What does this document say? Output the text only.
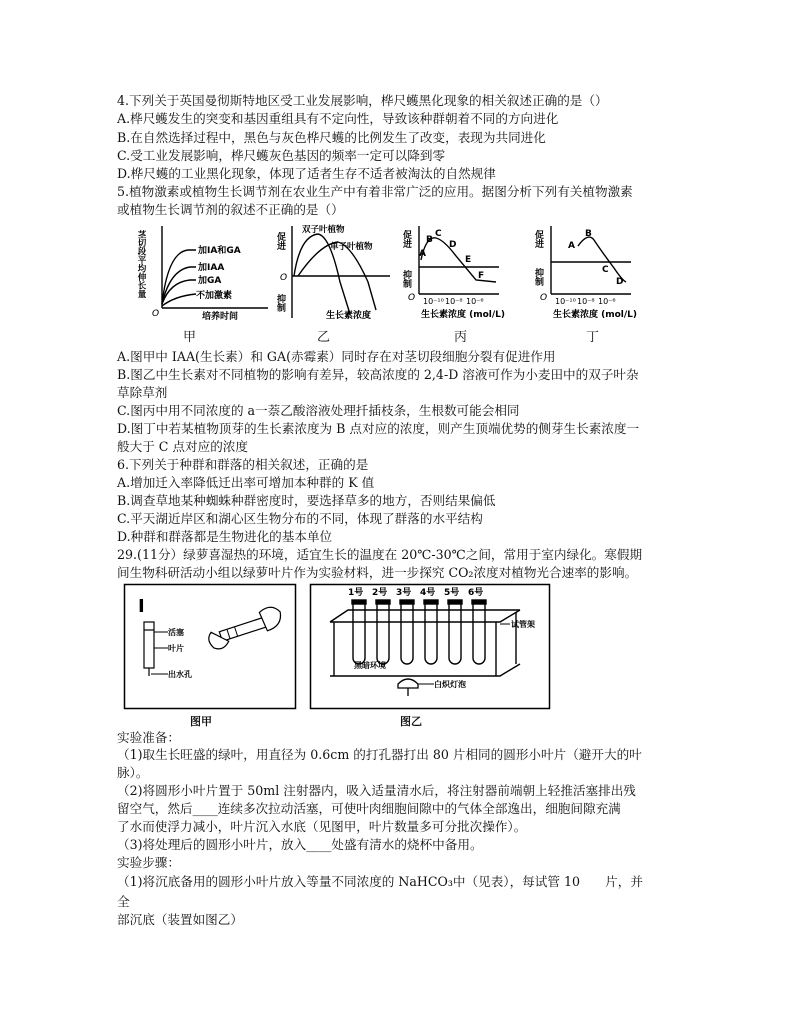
4.下列关于英国曼彻斯特地区受工业发展影响，桦尺蠖黑化现象的相关叙述正确的是（）
A.桦尺蠖发生的突变和基因重组具有不定向性，导致该种群朝着不同的方向进化
B.在自然选择过程中，黑色与灰色桦尺蠖的比例发生了改变，表现为共同进化
C.受工业发展影响，桦尺蠖灰色基因的频率一定可以降到零
D.桦尺蠖的工业黑化现象，体现了适者生存不适者被淘汰的自然规律
5.植物激素或植物生长调节剂在农业生产中有着非常广泛的应用。据图分析下列有关植物激素
或植物生长调节剂的叙述不正确的是（）
茎切段平均伸长量
O	培养时间
加IA和GA
加IAA
加GA
不加激素
促进
抑制
O
双子叶植物
单子叶植物
生长素浓度
促进
抑制
O
A
B
C
D
E
F
10⁻¹⁰ 10⁻⁸ 10⁻⁶
生长素浓度 (mol/L)
促进
抑制
O
A
B
C
D
10⁻¹⁰ 10⁻⁸ 10⁻⁶
生长素浓度 (mol/L)
甲	乙	丙	丁
A.图甲中 IAA(生长素）和 GA(赤霉素）同时存在对茎切段细胞分裂有促进作用
B.图乙中生长素对不同植物的影响有差异，较高浓度的 2,4-D 溶液可作为小麦田中的双子叶杂
草除草剂
C.图丙中用不同浓度的 a一萘乙酸溶液处理扦插枝条，生根数可能会相同
D.图丁中若某植物顶芽的生长素浓度为 B 点对应的浓度，则产生顶端优势的侧芽生长素浓度一
般大于 C 点对应的浓度
6.下列关于种群和群落的相关叙述，正确的是
A.增加迁入率降低迁出率可增加本种群的 K 值
B.调查草地某种蜘蛛种群密度时，要选择草多的地方，否则结果偏低
C.平天湖近岸区和湖心区生物分布的不同，体现了群落的水平结构
D.种群和群落都是生物进化的基本单位
29.(11分）绿萝喜湿热的环境，适宜生长的温度在 20℃-30℃之间，常用于室内绿化。寒假期
间生物科研活动小组以绿萝叶片作为实验材料，进一步探究 CO₂浓度对植物光合速率的影响。
I
活塞
叶片
出水孔
图甲
1号 2号 3号 4号 5号 6号
试管架
黑暗环境
白炽灯泡
图乙
实验准备：
（1)取生长旺盛的绿叶，用直径为 0.6cm 的打孔器打出 80 片相同的圆形小叶片（避开大的叶
脉）。
（2)将圆形小叶片置于 50ml 注射器内，吸入适量清水后，将注射器前端朝上轻推活塞排出残
留空气，然后____连续多次拉动活塞，可使叶肉细胞间隙中的气体全部逸出，细胞间隙充满
了水而使浮力减小，叶片沉入水底（见图甲，叶片数量多可分批次操作）。
（3)将处理后的圆形小叶片，放入____处盛有清水的烧杯中备用。
实验步骤：
（1)将沉底备用的圆形小叶片放入等量不同浓度的 NaHCO₃中（见表），每试管 10　　片，并
全
部沉底（装置如图乙）
